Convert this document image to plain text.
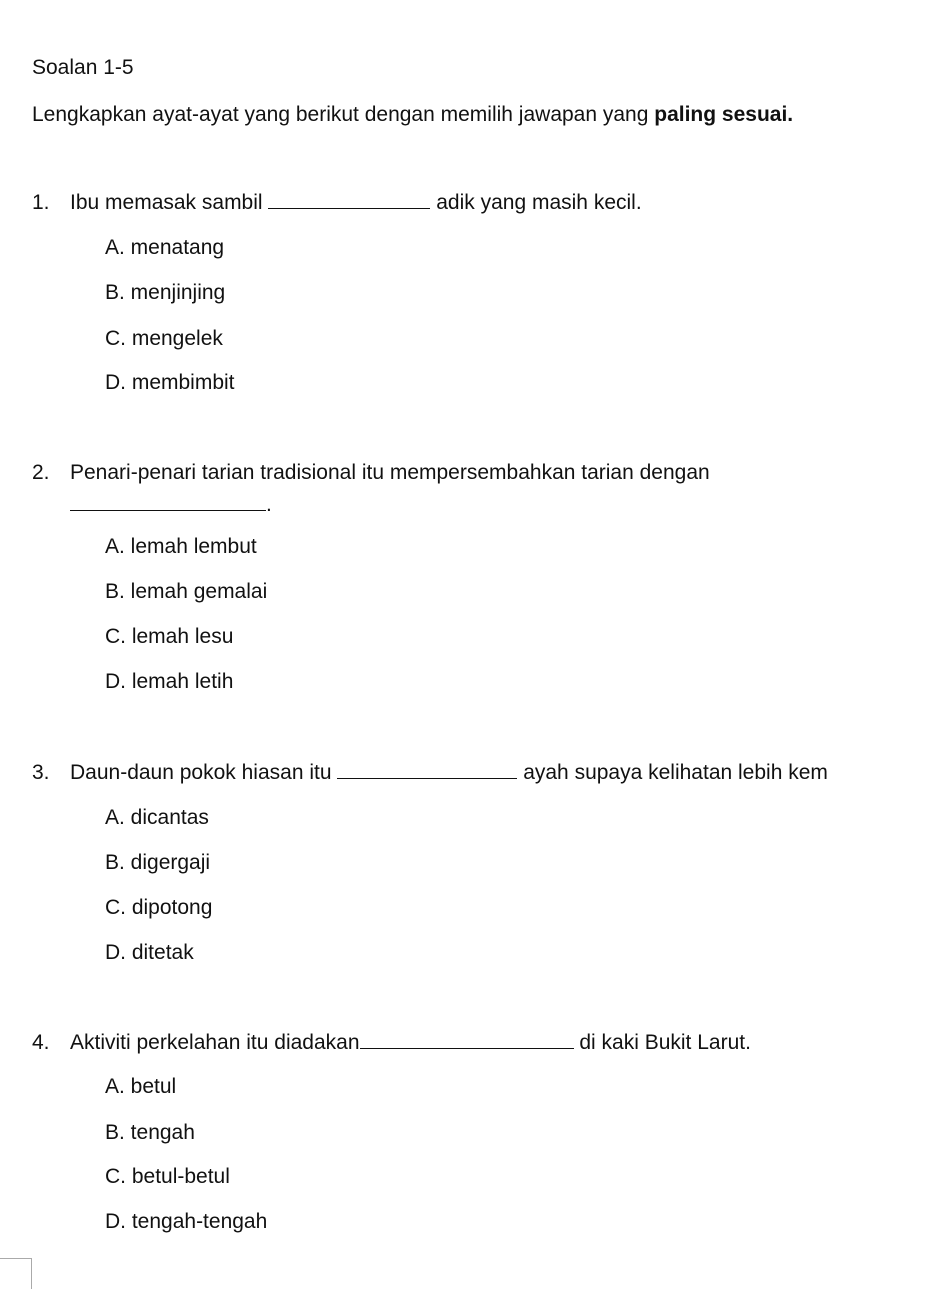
Soalan 1-5
Lengkapkan ayat-ayat yang berikut dengan memilih jawapan yang paling sesuai.
1. Ibu memasak sambil	adik yang masih kecil.
A. menatang
B. menjinjing
C. mengelek
D. membimbit
2. Penari-penari tarian tradisional itu mempersembahkan tarian dengan
.
A. lemah lembut
B. lemah gemalai
C. lemah lesu
D. lemah letih
3. Daun-daun pokok hiasan itu	ayah supaya kelihatan lebih kem
A. dicantas
B. digergaji
C. dipotong
D. ditetak
4. Aktiviti perkelahan itu diadakan	di kaki Bukit Larut.
A. betul
B. tengah
C. betul-betul
D. tengah-tengah
